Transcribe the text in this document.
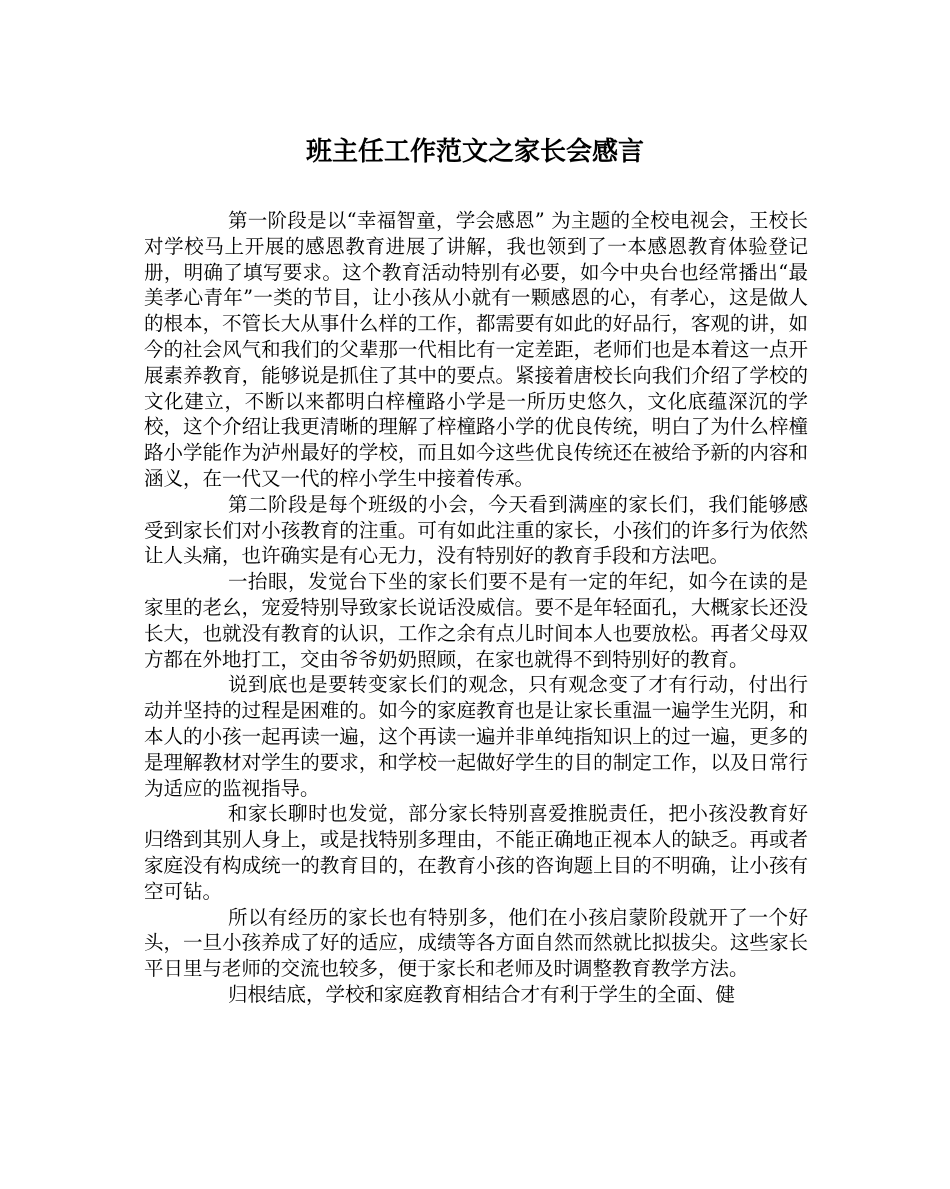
班主任工作范文之家长会感言

第一阶段是以“幸福智童，学会感恩” 为主题的全校电视会，王校长对学校马上开展的感恩教育进展了讲解，我也领到了一本感恩教育体验登记册，明确了填写要求。这个教育活动特别有必要，如今中央台也经常播出“最美孝心青年”一类的节目，让小孩从小就有一颗感恩的心，有孝心，这是做人的根本，不管长大从事什么样的工作，都需要有如此的好品行，客观的讲，如今的社会风气和我们的父辈那一代相比有一定差距，老师们也是本着这一点开展素养教育，能够说是抓住了其中的要点。紧接着唐校长向我们介绍了学校的文化建立，不断以来都明白梓橦路小学是一所历史悠久，文化底蕴深沉的学校，这个介绍让我更清晰的理解了梓橦路小学的优良传统，明白了为什么梓橦路小学能作为泸州最好的学校，而且如今这些优良传统还在被给予新的内容和涵义，在一代又一代的梓小学生中接着传承。

第二阶段是每个班级的小会，今天看到满座的家长们，我们能够感受到家长们对小孩教育的注重。可有如此注重的家长，小孩们的许多行为依然让人头痛，也许确实是有心无力，没有特别好的教育手段和方法吧。

一抬眼，发觉台下坐的家长们要不是有一定的年纪，如今在读的是家里的老幺，宠爱特别导致家长说话没威信。要不是年轻面孔，大概家长还没长大，也就没有教育的认识，工作之余有点儿时间本人也要放松。再者父母双方都在外地打工，交由爷爷奶奶照顾，在家也就得不到特别好的教育。

说到底也是要转变家长们的观念，只有观念变了才有行动，付出行动并坚持的过程是困难的。如今的家庭教育也是让家长重温一遍学生光阴，和本人的小孩一起再读一遍，这个再读一遍并非单纯指知识上的过一遍，更多的是理解教材对学生的要求，和学校一起做好学生的目的制定工作，以及日常行为适应的监视指导。

和家长聊时也发觉，部分家长特别喜爱推脱责任，把小孩没教育好归绺到其别人身上，或是找特别多理由，不能正确地正视本人的缺乏。再或者家庭没有构成统一的教育目的，在教育小孩的咨询题上目的不明确，让小孩有空可钻。

所以有经历的家长也有特别多，他们在小孩启蒙阶段就开了一个好头，一旦小孩养成了好的适应，成绩等各方面自然而然就比拟拔尖。这些家长平日里与老师的交流也较多，便于家长和老师及时调整教育教学方法。

归根结底，学校和家庭教育相结合才有利于学生的全面、健
